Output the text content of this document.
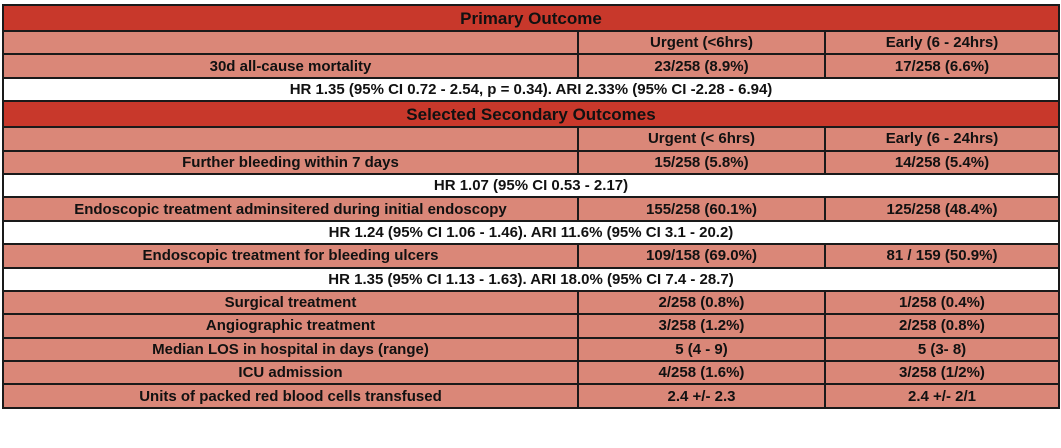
Primary Outcome		
	Urgent (<6hrs)	Early (6 - 24hrs)
30d all-cause mortality	23/258 (8.9%)	17/258 (6.6%)
HR 1.35 (95% CI 0.72 - 2.54, p = 0.34). ARI 2.33% (95% CI -2.28 - 6.94)		
Selected Secondary Outcomes		
	Urgent (< 6hrs)	Early (6 - 24hrs)
Further bleeding within 7 days	15/258 (5.8%)	14/258 (5.4%)
HR 1.07 (95% CI 0.53 - 2.17)		
Endoscopic treatment adminsitered during initial endoscopy	155/258 (60.1%)	125/258 (48.4%)
HR 1.24 (95% CI 1.06 - 1.46). ARI 11.6% (95% CI 3.1 - 20.2)		
Endoscopic treatment for bleeding ulcers	109/158 (69.0%)	81 / 159 (50.9%)
HR 1.35 (95% CI 1.13 - 1.63). ARI 18.0% (95% CI 7.4 - 28.7)		
Surgical treatment	2/258 (0.8%)	1/258 (0.4%)
Angiographic treatment	3/258 (1.2%)	2/258 (0.8%)
Median LOS in hospital in days (range)	5 (4 - 9)	5 (3- 8)
ICU admission	4/258 (1.6%)	3/258 (1/2%)
Units of packed red blood cells transfused	2.4 +/- 2.3	2.4 +/- 2/1
